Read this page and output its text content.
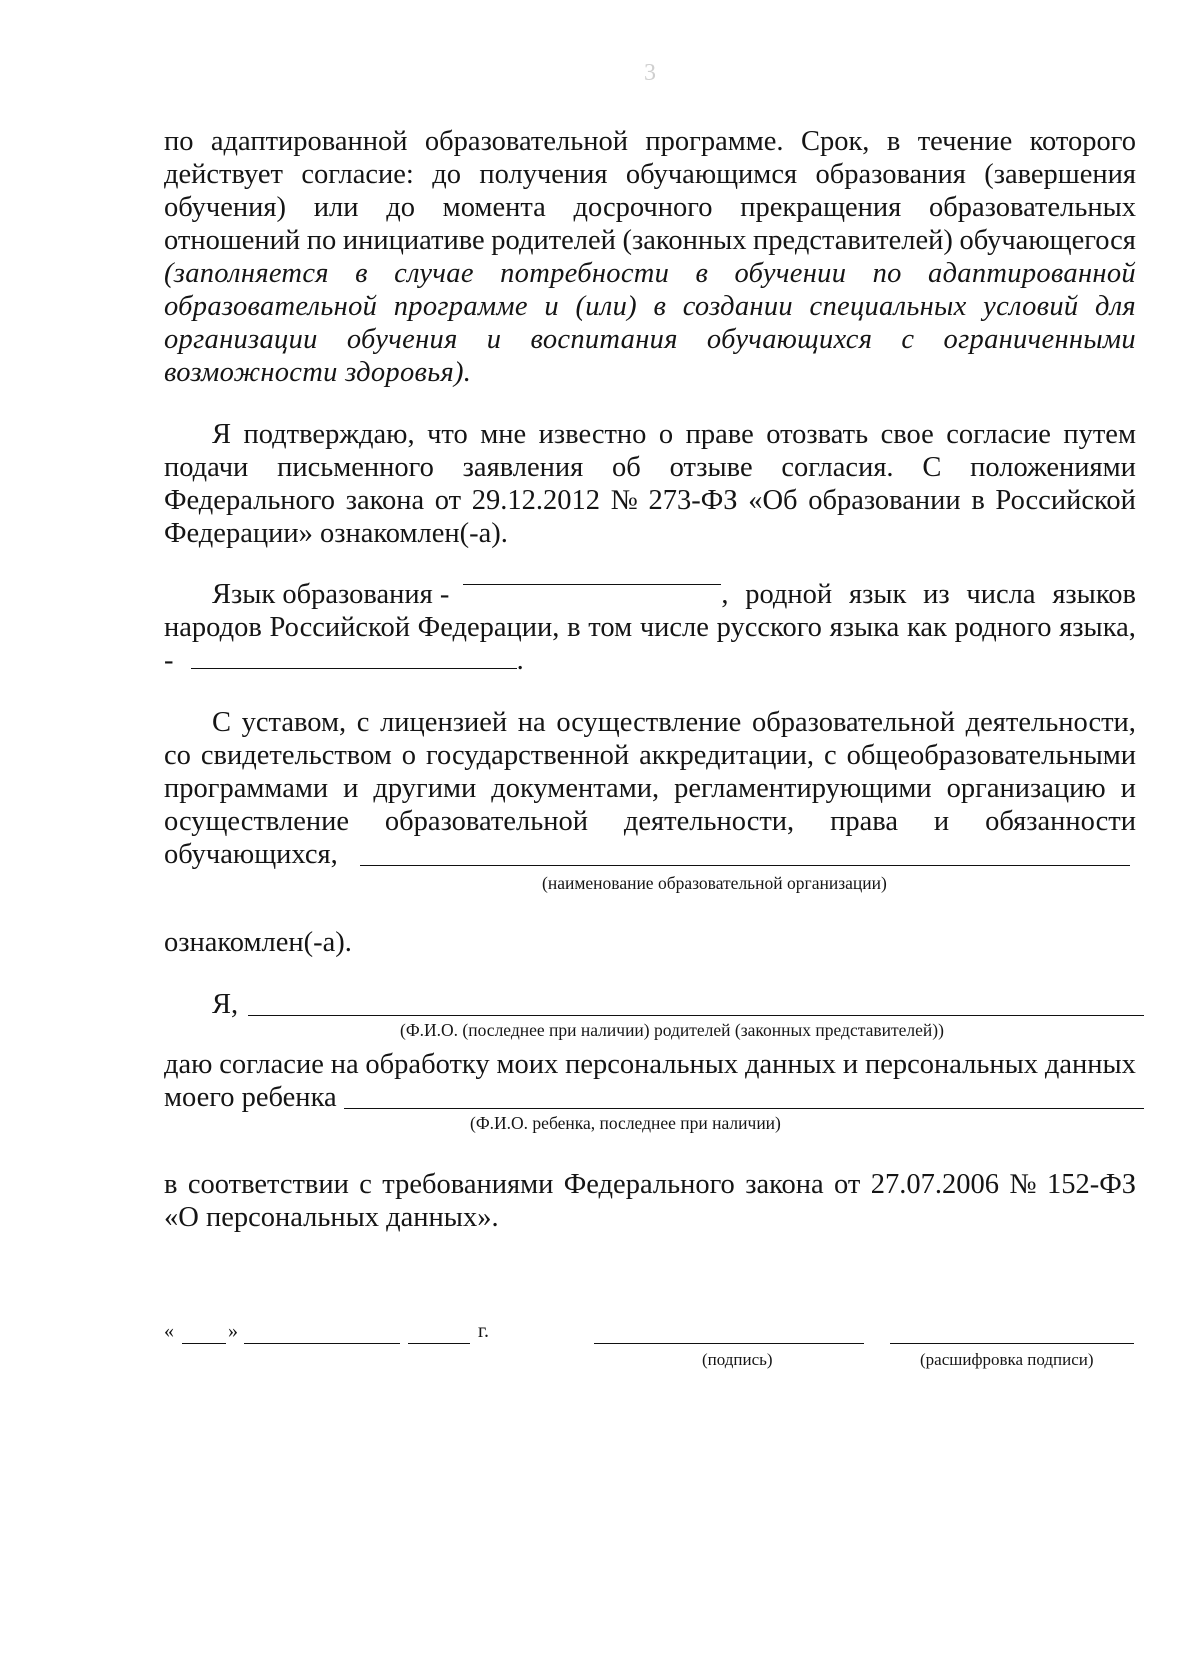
3
по адаптированной образовательной программе. Срок, в течение которого
действует согласие: до получения обучающимся образования (завершения
обучения) или до момента досрочного прекращения образовательных
отношений по инициативе родителей (законных представителей) обучающегося
(заполняется в случае потребности в обучении по адаптированной
образовательной программе и (или) в создании специальных условий для
организации обучения и воспитания обучающихся с ограниченными
возможности здоровья).
Я подтверждаю, что мне известно о праве отозвать свое согласие путем
подачи письменного заявления об отзыве согласия. С положениями
Федерального закона от 29.12.2012 № 273-ФЗ «Об образовании в Российской
Федерации» ознакомлен(-а).
Язык образования -	, родной язык из числа языков
народов Российской Федерации, в том числе русского языка как родного языка,
-	.
С уставом, с лицензией на осуществление образовательной деятельности,
со свидетельством о государственной аккредитации, с общеобразовательными
программами и другими документами, регламентирующими организацию и
осуществление образовательной деятельности, права и обязанности
обучающихся,
(наименование образовательной организации)
ознакомлен(-а).
Я,
(Ф.И.О. (последнее при наличии) родителей (законных представителей))
даю согласие на обработку моих персональных данных и персональных данных
моего ребенка
(Ф.И.О. ребенка, последнее при наличии)
в соответствии с требованиями Федерального закона от 27.07.2006 № 152-ФЗ
«О персональных данных».
«	»	г.
(подпись)	(расшифровка подписи)
